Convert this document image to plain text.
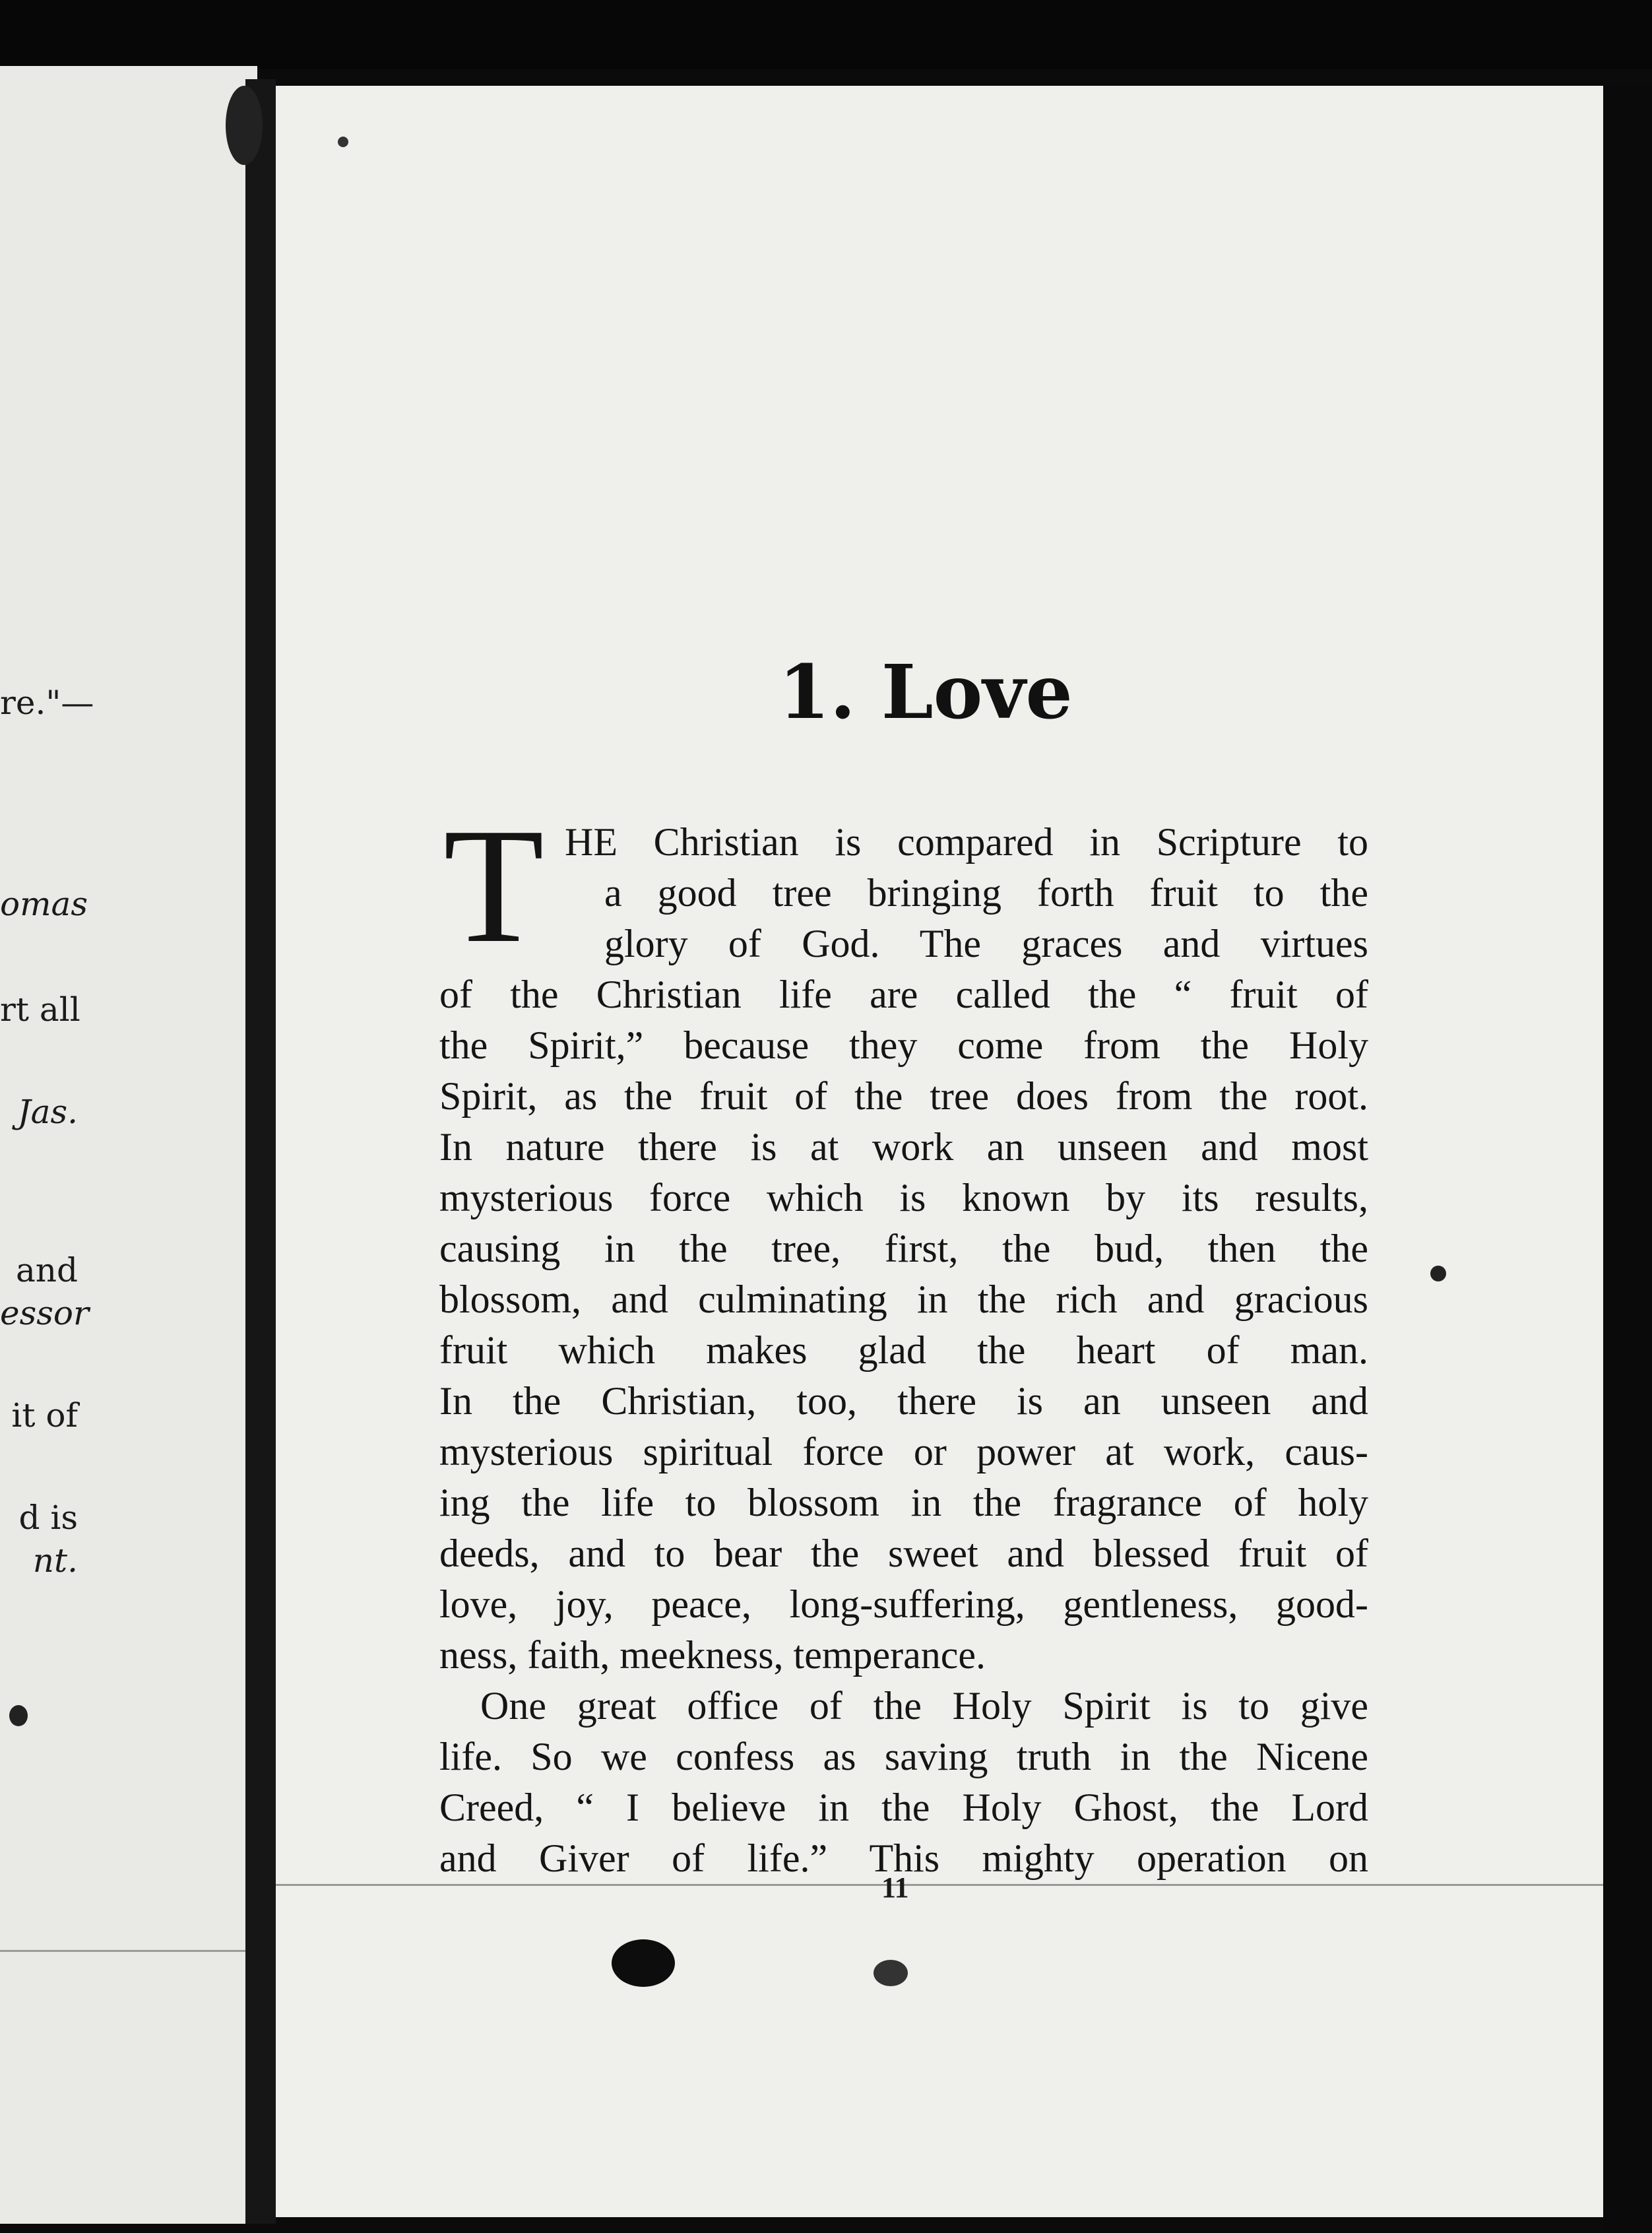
re."—
omas
rt all
Jas.
and
essor
it of
d is
nt.
1. Love
T HE Christian is compared in Scripture to
a good tree bringing forth fruit to the
glory of God. The graces and virtues
of the Christian life are called the “ fruit of
the Spirit,” because they come from the Holy
Spirit, as the fruit of the tree does from the root.
In nature there is at work an unseen and most
mysterious force which is known by its results,
causing in the tree, first, the bud, then the
blossom, and culminating in the rich and gracious
fruit which makes glad the heart of man.
In the Christian, too, there is an unseen and
mysterious spiritual force or power at work, caus-
ing the life to blossom in the fragrance of holy
deeds, and to bear the sweet and blessed fruit of
love, joy, peace, long-suffering, gentleness, good-
ness, faith, meekness, temperance.
One great office of the Holy Spirit is to give
life. So we confess as saving truth in the Nicene
Creed, “ I believe in the Holy Ghost, the Lord
and Giver of life.” This mighty operation on
11
